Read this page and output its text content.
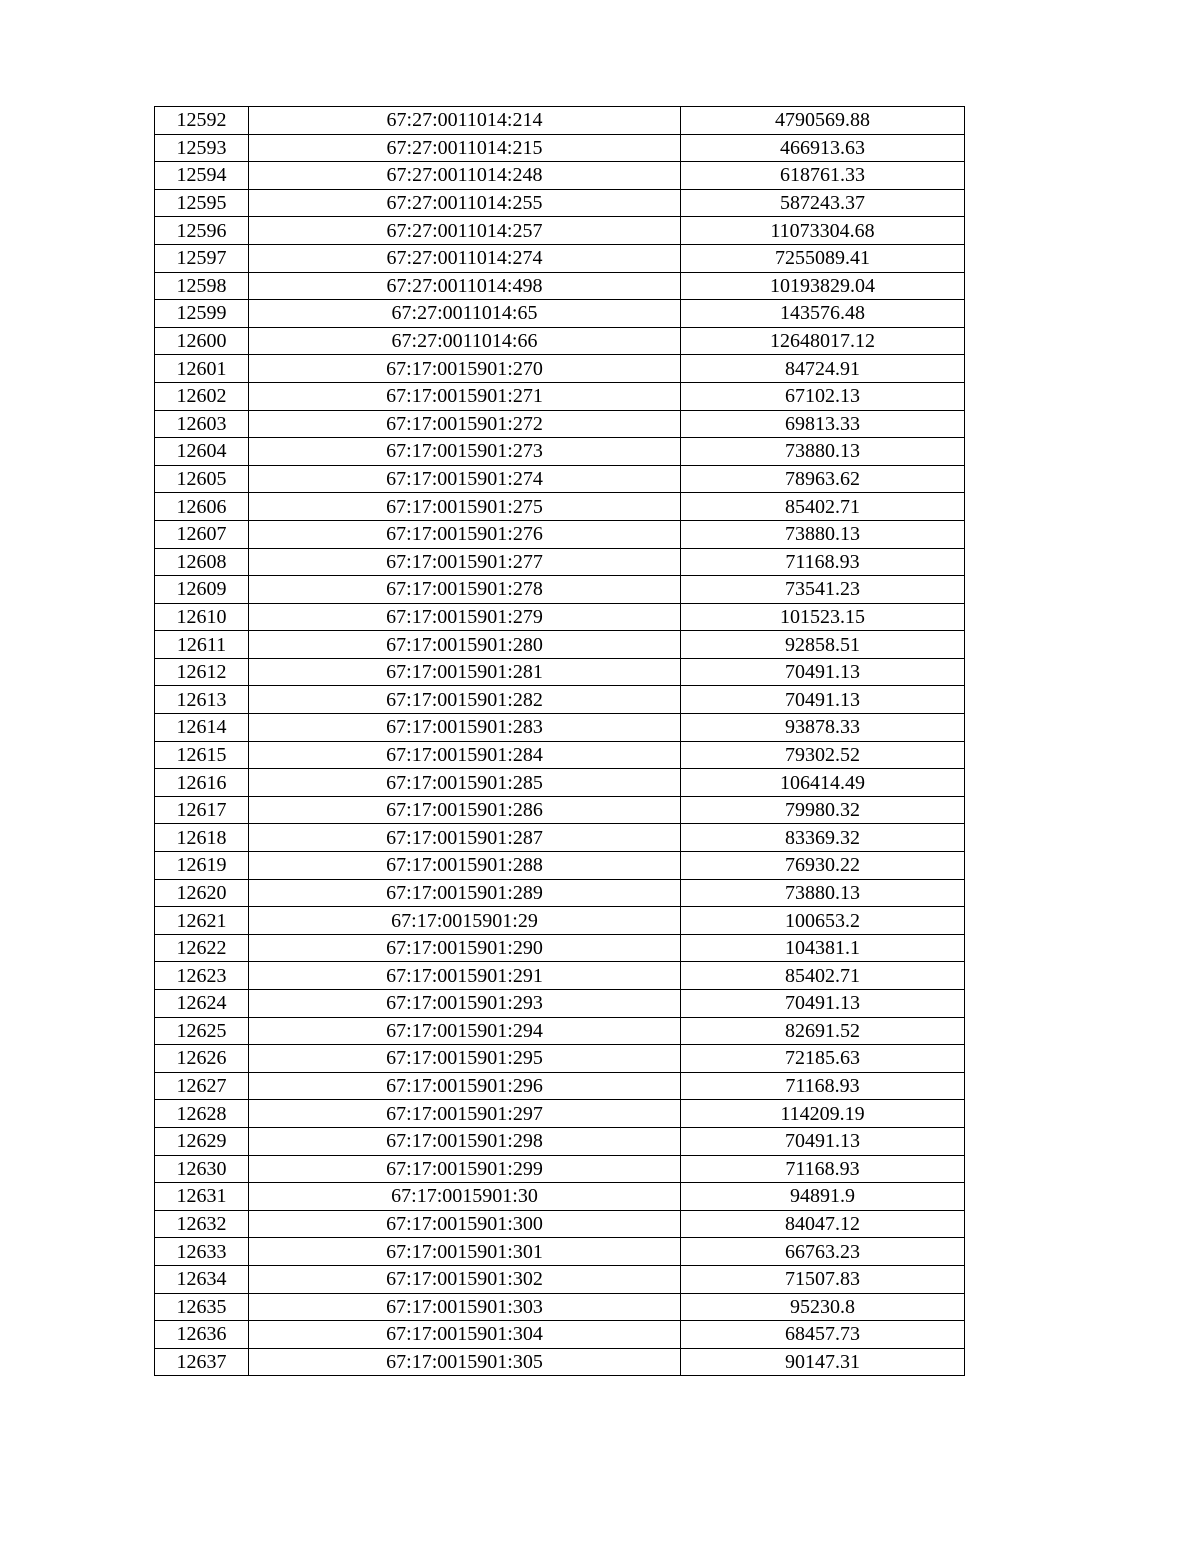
12592	67:27:0011014:214	4790569.88
12593	67:27:0011014:215	466913.63
12594	67:27:0011014:248	618761.33
12595	67:27:0011014:255	587243.37
12596	67:27:0011014:257	11073304.68
12597	67:27:0011014:274	7255089.41
12598	67:27:0011014:498	10193829.04
12599	67:27:0011014:65	143576.48
12600	67:27:0011014:66	12648017.12
12601	67:17:0015901:270	84724.91
12602	67:17:0015901:271	67102.13
12603	67:17:0015901:272	69813.33
12604	67:17:0015901:273	73880.13
12605	67:17:0015901:274	78963.62
12606	67:17:0015901:275	85402.71
12607	67:17:0015901:276	73880.13
12608	67:17:0015901:277	71168.93
12609	67:17:0015901:278	73541.23
12610	67:17:0015901:279	101523.15
12611	67:17:0015901:280	92858.51
12612	67:17:0015901:281	70491.13
12613	67:17:0015901:282	70491.13
12614	67:17:0015901:283	93878.33
12615	67:17:0015901:284	79302.52
12616	67:17:0015901:285	106414.49
12617	67:17:0015901:286	79980.32
12618	67:17:0015901:287	83369.32
12619	67:17:0015901:288	76930.22
12620	67:17:0015901:289	73880.13
12621	67:17:0015901:29	100653.2
12622	67:17:0015901:290	104381.1
12623	67:17:0015901:291	85402.71
12624	67:17:0015901:293	70491.13
12625	67:17:0015901:294	82691.52
12626	67:17:0015901:295	72185.63
12627	67:17:0015901:296	71168.93
12628	67:17:0015901:297	114209.19
12629	67:17:0015901:298	70491.13
12630	67:17:0015901:299	71168.93
12631	67:17:0015901:30	94891.9
12632	67:17:0015901:300	84047.12
12633	67:17:0015901:301	66763.23
12634	67:17:0015901:302	71507.83
12635	67:17:0015901:303	95230.8
12636	67:17:0015901:304	68457.73
12637	67:17:0015901:305	90147.31
